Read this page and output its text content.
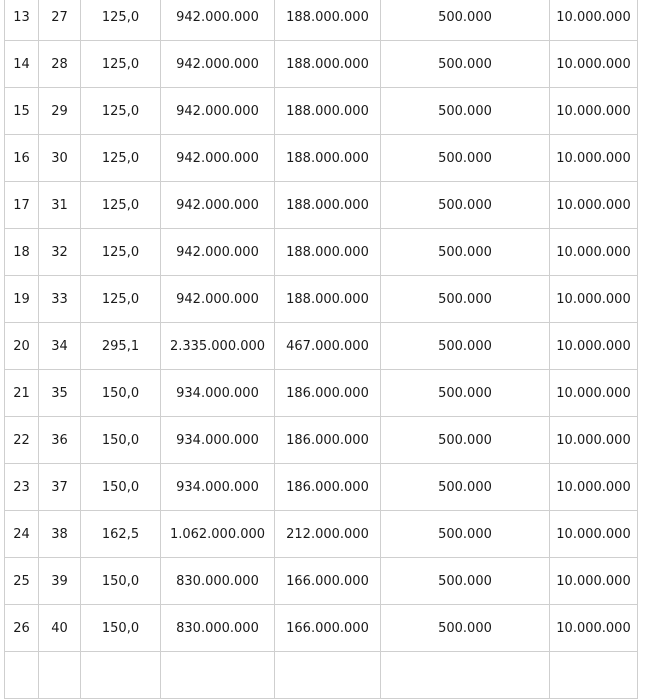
13	27	125,0	942.000.000	188.000.000	500.000	10.000.000
14	28	125,0	942.000.000	188.000.000	500.000	10.000.000
15	29	125,0	942.000.000	188.000.000	500.000	10.000.000
16	30	125,0	942.000.000	188.000.000	500.000	10.000.000
17	31	125,0	942.000.000	188.000.000	500.000	10.000.000
18	32	125,0	942.000.000	188.000.000	500.000	10.000.000
19	33	125,0	942.000.000	188.000.000	500.000	10.000.000
20	34	295,1	2.335.000.000	467.000.000	500.000	10.000.000
21	35	150,0	934.000.000	186.000.000	500.000	10.000.000
22	36	150,0	934.000.000	186.000.000	500.000	10.000.000
23	37	150,0	934.000.000	186.000.000	500.000	10.000.000
24	38	162,5	1.062.000.000	212.000.000	500.000	10.000.000
25	39	150,0	830.000.000	166.000.000	500.000	10.000.000
26	40	150,0	830.000.000	166.000.000	500.000	10.000.000
